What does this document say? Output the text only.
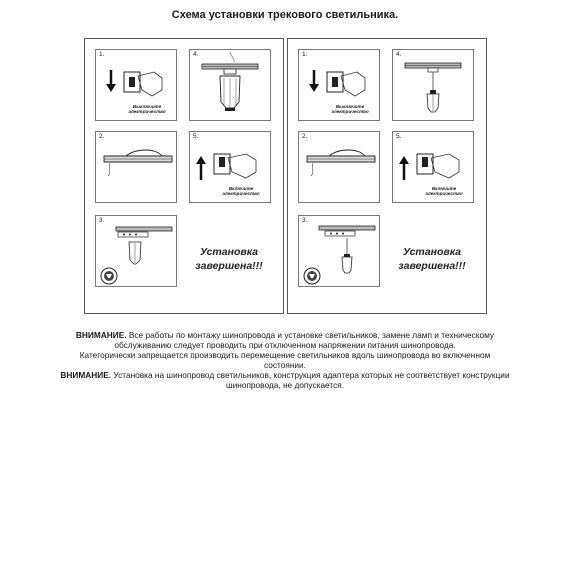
Схема установки трекового светильника.
1.
Выключите электричество
4.
2.	5.
Включите электричество
3.
Установка завершена!!!
1.
Выключите электричество
4.
2.	5.
Включите электричество
3.
Установка завершена!!!
ВНИМАНИЕ. Все работы по монтажу шинопровода и установке светильников, замене ламп и техническому обслуживанию следует проводить при отключенном напряжении питания шинопровода.
Категорически запрещается производить перемещение светильников вдоль шинопровода во включенном состоянии.
ВНИМАНИЕ. Установка на шинопровод светильников, конструкция адаптера которых не соответствует конструкции шинопровода, не допускается.
